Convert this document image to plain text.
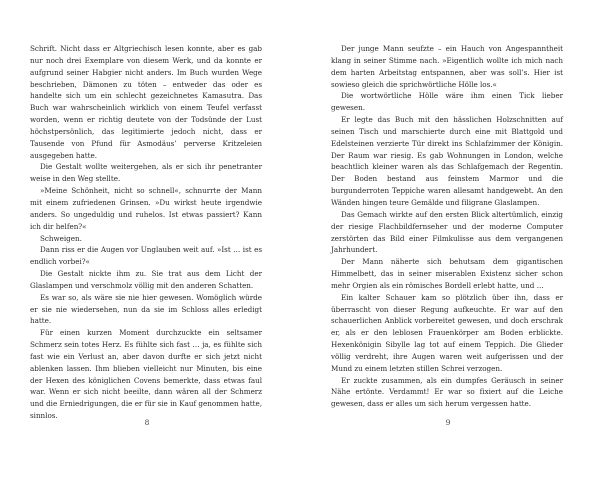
Schrift. Nicht dass er Altgriechisch lesen konnte, aber es gab nur noch drei Exemplare von diesem Werk, und da konnte er aufgrund seiner Habgier nicht anders. Im Buch wurden Wege beschrieben, Dämonen zu töten – entweder das oder es handelte sich um ein schlecht gezeichnetes Kamasutra. Das Buch war wahrscheinlich wirklich von einem Teufel verfasst worden, wenn er richtig deutete von der Todsünde der Lust höchstpersönlich, das legitimierte jedoch nicht, dass er Tausende von Pfund für Asmodäus’ perverse Kritzeleien ausgegeben hatte.

Die Gestalt wollte weitergehen, als er sich ihr penetranter weise in den Weg stellte.

»Meine Schönheit, nicht so schnell«, schnurrte der Mann mit einem zufriedenen Grinsen. »Du wirkst heute irgendwie anders. So ungeduldig und ruhelos. Ist etwas passiert? Kann ich dir helfen?«

Schweigen.

Dann riss er die Augen vor Unglauben weit auf. »Ist … ist es endlich vorbei?«

Die Gestalt nickte ihm zu. Sie trat aus dem Licht der Glaslampen und verschmolz völlig mit den anderen Schatten.

Es war so, als wäre sie nie hier gewesen. Womöglich würde er sie nie wiedersehen, nun da sie im Schloss alles erledigt hatte.

Für einen kurzen Moment durchzuckte ein seltsamer Schmerz sein totes Herz. Es fühlte sich fast … ja, es fühlte sich fast wie ein Verlust an, aber davon durfte er sich jetzt nicht ablenken lassen. Ihm blieben vielleicht nur Minuten, bis eine der Hexen des königlichen Covens bemerkte, dass etwas faul war. Wenn er sich nicht beeilte, dann wären all der Schmerz und die Erniedrigungen, die er für sie in Kauf genommen hatte, sinnlos.

Der junge Mann seufzte – ein Hauch von Angespanntheit klang in seiner Stimme nach. »Eigentlich wollte ich mich nach dem harten Arbeitstag entspannen, aber was soll’s. Hier ist sowieso gleich die sprichwörtliche Hölle los.«

Die wortwörtliche Hölle wäre ihm einen Tick lieber gewesen.

Er legte das Buch mit den hässlichen Holzschnitten auf seinen Tisch und marschierte durch eine mit Blattgold und Edelsteinen verzierte Tür direkt ins Schlafzimmer der Königin. Der Raum war riesig. Es gab Wohnungen in London, welche beachtlich kleiner waren als das Schlafgemach der Regentin. Der Boden bestand aus feinstem Marmor und die burgunderroten Teppiche waren allesamt handgewebt. An den Wänden hingen teure Gemälde und filigrane Glaslampen.

Das Gemach wirkte auf den ersten Blick altertümlich, einzig der riesige Flachbildfernseher und der moderne Computer zerstörten das Bild einer Filmkulisse aus dem vergangenen Jahrhundert.

Der Mann näherte sich behutsam dem gigantischen Himmelbett, das in seiner miserablen Existenz sicher schon mehr Orgien als ein römisches Bordell erlebt hatte, und …

Ein kalter Schauer kam so plötzlich über ihn, dass er überrascht von dieser Regung aufkeuchte. Er war auf den schauerlichen Anblick vorbereitet gewesen, und doch erschrak er, als er den leblosen Frauenkörper am Boden erblickte. Hexenkönigin Sibylle lag tot auf einem Teppich. Die Glieder völlig verdreht, ihre Augen waren weit aufgerissen und der Mund zu einem letzten stillen Schrei verzogen.

Er zuckte zusammen, als ein dumpfes Geräusch in seiner Nähe ertönte. Verdammt! Er war so fixiert auf die Leiche gewesen, dass er alles um sich herum vergessen hatte.

8	9
